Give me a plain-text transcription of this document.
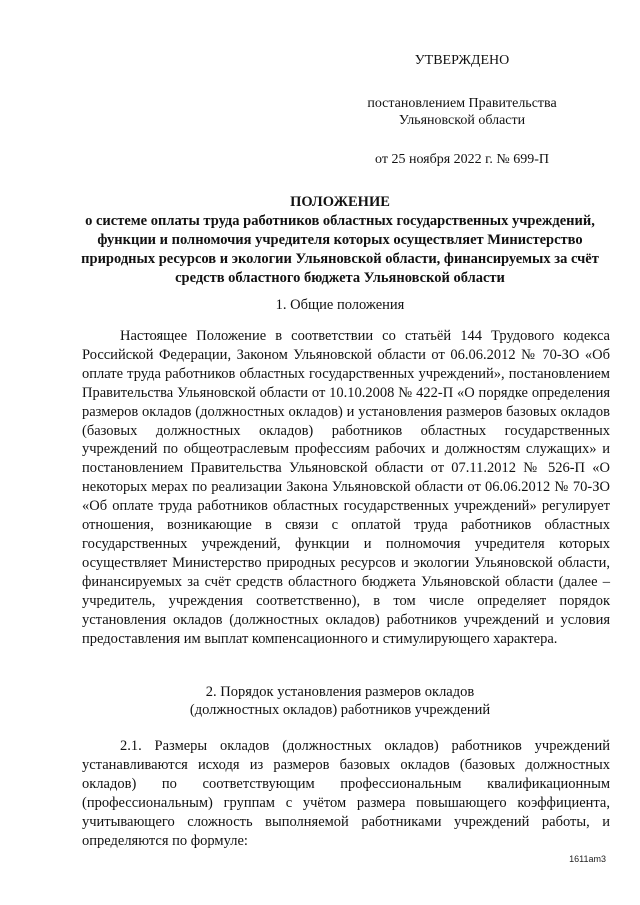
УТВЕРЖДЕНО
постановлением Правительства Ульяновской области
от 25 ноября 2022 г. № 699-П
ПОЛОЖЕНИЕ
о системе оплаты труда работников областных государственных учреждений, функции и полномочия учредителя которых осуществляет Министерство природных ресурсов и экологии Ульяновской области, финансируемых за счёт средств областного бюджета Ульяновской области
1. Общие положения
Настоящее Положение в соответствии со статьёй 144 Трудового кодекса Российской Федерации, Законом Ульяновской области от 06.06.2012 № 70-ЗО «Об оплате труда работников областных государственных учреждений», постановлением Правительства Ульяновской области от 10.10.2008 № 422-П «О порядке определения размеров окладов (должностных окладов) и установления размеров базовых окладов (базовых должностных окладов) работников областных государственных учреждений по общеотраслевым профессиям рабочих и должностям служащих» и постановлением Правительства Ульяновской области от 07.11.2012 № 526-П «О некоторых мерах по реализации Закона Ульяновской области от 06.06.2012 № 70-ЗО «Об оплате труда работников областных государственных учреждений» регулирует отношения, возникающие в связи с оплатой труда работников областных государственных учреждений, функции и полномочия учредителя которых осуществляет Министерство природных ресурсов и экологии Ульяновской области, финансируемых за счёт средств областного бюджета Ульяновской области (далее – учредитель, учреждения соответственно), в том числе определяет порядок установления окладов (должностных окладов) работников учреждений и условия предоставления им выплат компенсационного и стимулирующего характера.
2. Порядок установления размеров окладов
(должностных окладов) работников учреждений
2.1. Размеры окладов (должностных окладов) работников учреждений устанавливаются исходя из размеров базовых окладов (базовых должностных окладов) по соответствующим профессиональным квалификационным (профессиональным) группам с учётом размера повышающего коэффициента, учитывающего сложность выполняемой работниками учреждений работы, и определяются по формуле:
1611am3
